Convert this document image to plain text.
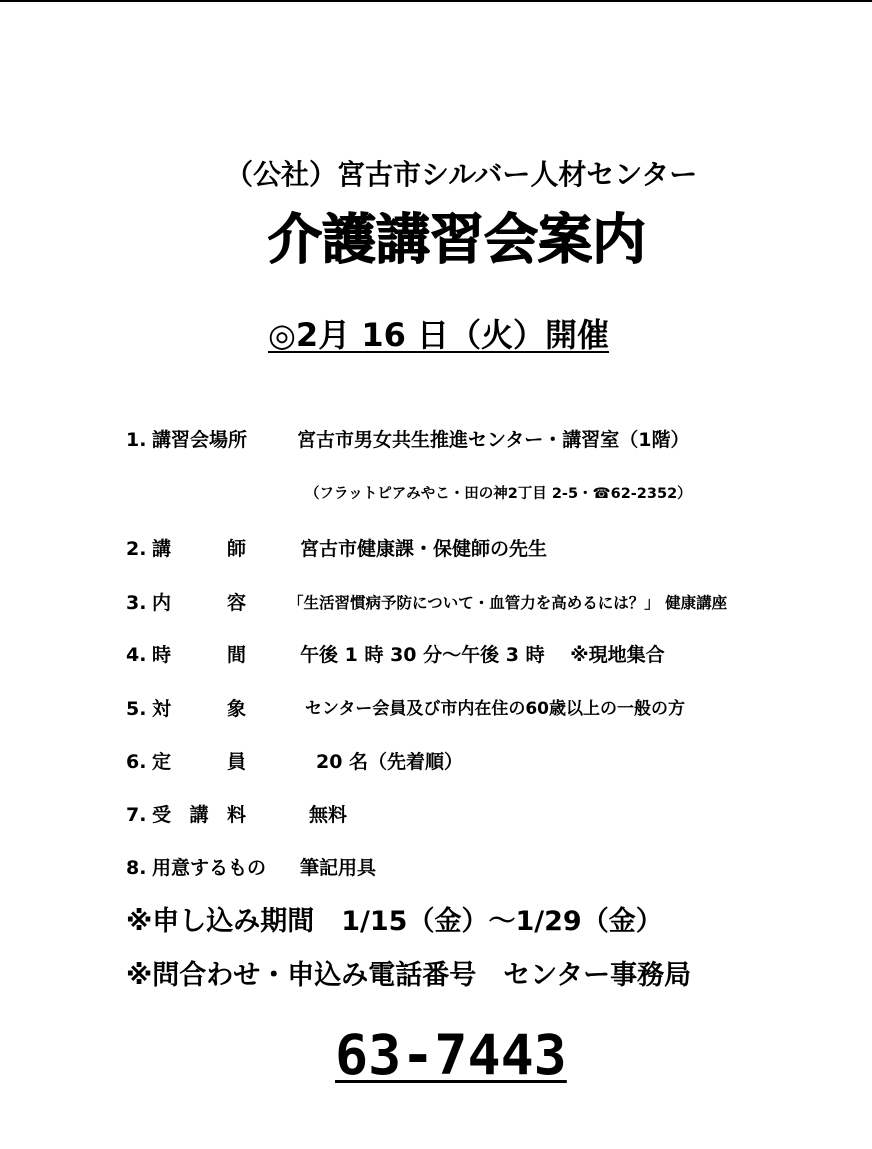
（公社）宮古市シルバー人材センター
介護講習会案内
◎2月 16 日（火）開催
1. 講習会場所	宮古市男女共生推進センター・講習室（1階）
（フラットピアみやこ・田の神2丁目 2-5・☎62-2352）
2. 講　　師	宮古市健康課・保健師の先生
3. 内　　容	「生活習慣病予防について・血管力を高めるには？」 健康講座
4. 時　　間	午後 1 時 30 分～午後 3 時　 ※現地集合
5. 対　　象	センター会員及び市内在住の60歳以上の一般の方
6. 定　　員	20 名（先着順）
7. 受 講 料	無料
8. 用意するもの 筆記用具
※申し込み期間　1/15（金）～1/29（金）
※問合わせ・申込み電話番号　センター事務局
63-7443
